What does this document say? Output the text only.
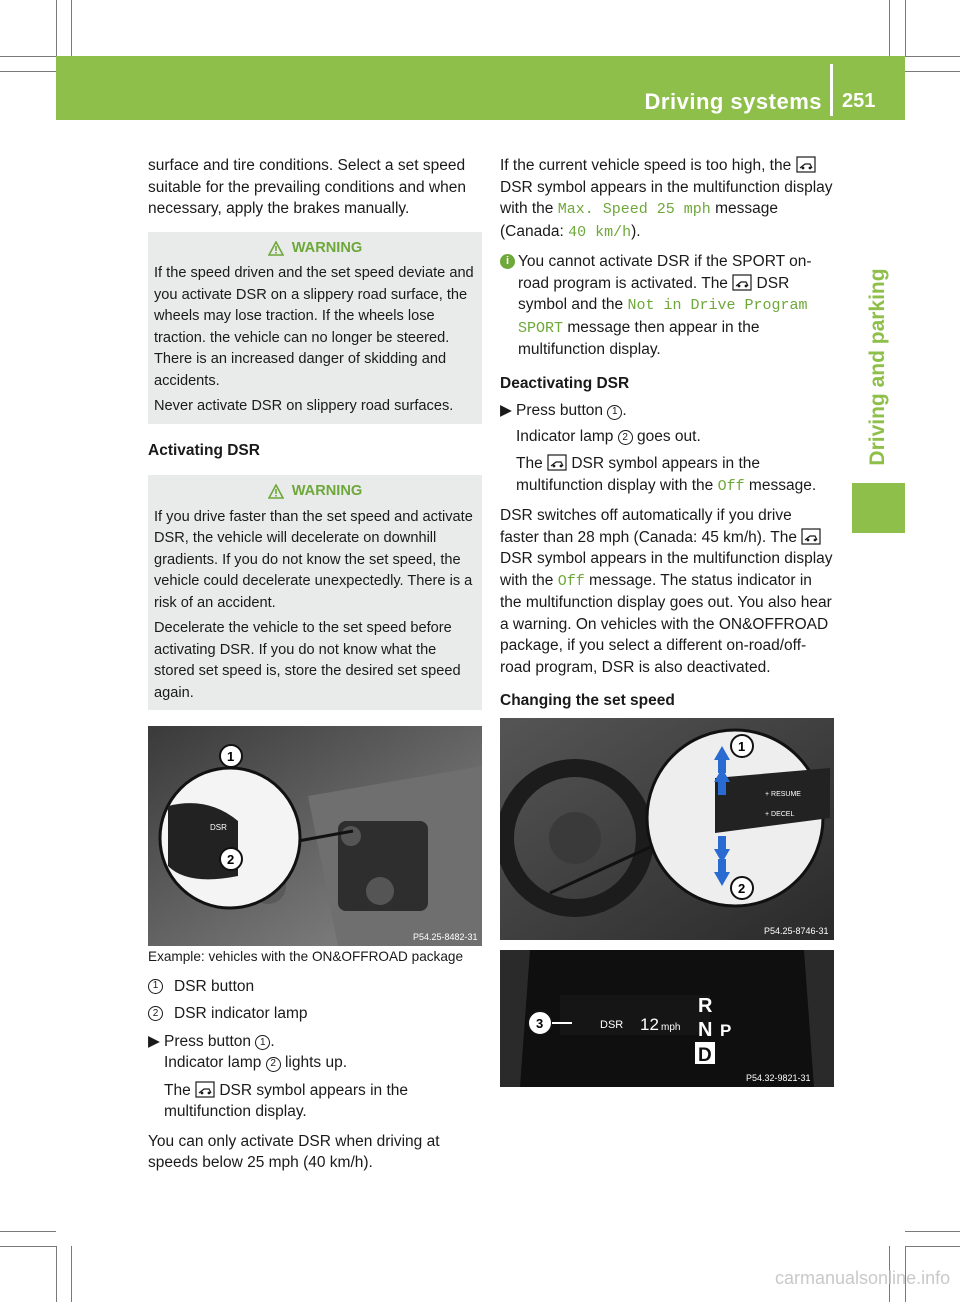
Driving systems 251
Driving and parking

surface and tire conditions. Select a set speed suitable for the prevailing conditions and when necessary, apply the brakes manually.

WARNING

If the speed driven and the set speed deviate and you activate DSR on a slippery road surface, the wheels may lose traction. If the wheels lose traction. the vehicle can no longer be steered. There is an increased danger of skidding and accidents.

Never activate DSR on slippery road surfaces.

Activating DSR
WARNING

If you drive faster than the set speed and activate DSR, the vehicle will decelerate on downhill gradients. If you do not know the set speed, the vehicle could decelerate unexpectedly. There is a risk of an accident.

Decelerate the vehicle to the set speed before activating DSR. If you do not know what the stored set speed is, store the desired set speed again.

DSR
1
2
P54.25-8482-31

Example: vehicles with the ON&OFFROAD package

1	DSR button
2	DSR indicator lamp
▶ Press button 1 .
Indicator lamp 2 lights up.
The  DSR symbol appears in the multifunction display.

You can only activate DSR when driving at speeds below 25 mph (40 km/h).

If the current vehicle speed is too high, the  DSR symbol appears in the multifunction display with the Max. Speed 25 mph message (Canada: 40 km/h).

i You cannot activate DSR if the SPORT on-road program is activated. The  DSR symbol and the Not in Drive Program SPORT message then appear in the multifunction display.

Deactivating DSR
▶ Press button 1 .
Indicator lamp 2 goes out.
The  DSR symbol appears in the multifunction display with the Off message.

DSR switches off automatically if you drive faster than 28 mph (Canada: 45 km/h). The  DSR symbol appears in the multifunction display with the Off message. The status indicator in the multifunction display goes out. You also hear a warning. On vehicles with the ON&OFFROAD package, if you select a different on-road/off-road program, DSR is also deactivated.

Changing the set speed
+ RESUME
+ DECEL
1
2
P54.25-8746-31
3	DSR 12 mph
R
N P
D
P54.32-9821-31
carmanualsonline.info
